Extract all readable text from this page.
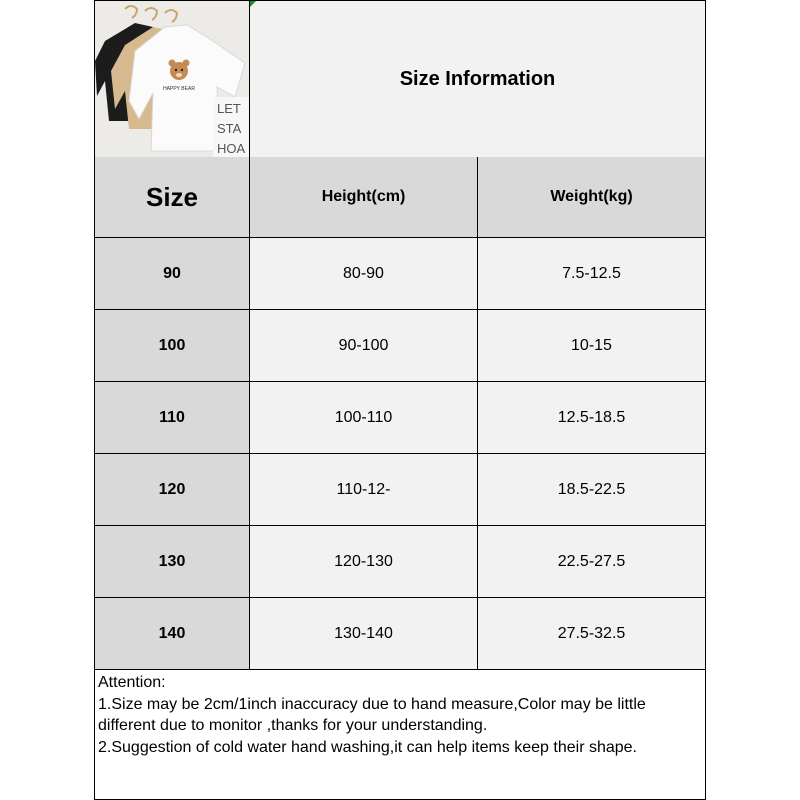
HAPPY BEAR
LET
STA
HOA
Size Information
Size	Height(cm)	Weight(kg)
90	80-90	7.5-12.5
100	90-100	10-15
110	100-110	12.5-18.5
120	110-12-	18.5-22.5
130	120-130	22.5-27.5
140	130-140	27.5-32.5
Attention:
1.Size may be 2cm/1inch inaccuracy due to hand measure,Color may be little
different due to monitor ,thanks for your understanding.
2.Suggestion of cold water hand washing,it can help items keep their shape.
